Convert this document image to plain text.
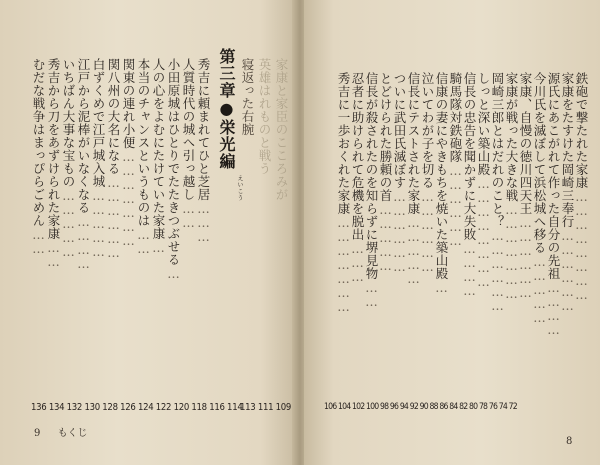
家康と家臣のこころみが
英雄はれものと戦う
寝返った右腕
第三章●栄光編
えいこう
秀吉に頼まれてひと芝居………
人質時代の城へ引っ越し……
小田原城はひとりでたたきつぶせる…
人の心をよむにたけていた家康…
本当のチャンスというものは……
関東の連れ小便…………………
関八州の大名になる………………
白ずくめで江戸城入城……………
江戸から泥棒がいなくなる…………
いちばん大事な宝もの……………
秀吉から刀をあずけられた家康……
むだな戦争はまっぴらごめん……
136 134 132 130 128 126 124 122 120 118 116 114
113 111 109
9 もくじ
鉄砲で撃たれた家康……………………
家康をたすけた岡崎三奉行………………
源氏にあこがれて作った自分の先祖…………
今川氏を滅ぼして浜松城へ移る……………
家康、自慢の徳川四天王………………
家康が戦った大きな戦…………………
岡崎三郎とはだれのこと？………………
しっと深い築山殿……………………
信長の忠告を聞かずに大失敗…………
騎馬隊対鉄砲隊………………
信康の妻にやきもちを焼いた築山殿…
泣いてわが子を切る………………
信長にテストされた家康……………
ついに武田氏滅ぼす………………
とどけられた勝頼の首……………
信長が殺されたのを知らずに堺見物……
忍者に助けられて危機を脱出………
秀吉に一歩おくれた家康…………………
106 104 102 100 98 96 94 92 90 88 86 84 82 80 78 76 74 72
8
